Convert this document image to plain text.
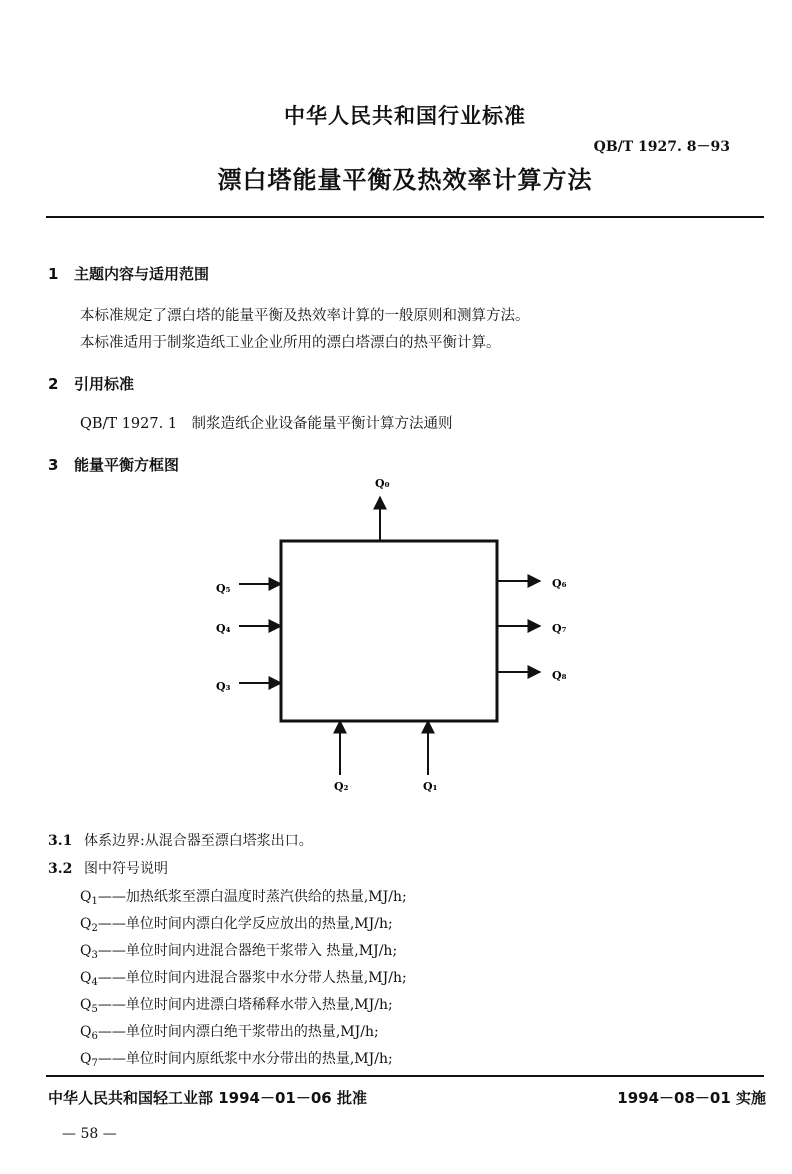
中华人民共和国行业标准
QB/T 1927. 8－93
漂白塔能量平衡及热效率计算方法
1 主题内容与适用范围
本标准规定了漂白塔的能量平衡及热效率计算的一般原则和测算方法。
本标准适用于制浆造纸工业企业所用的漂白塔漂白的热平衡计算。
2 引用标准
QB/T 1927. 1　制浆造纸企业设备能量平衡计算方法通则
3 能量平衡方框图
Q₀
Q₅
Q₄
Q₃
Q₆
Q₇
Q₈
Q₂	Q₁
3.1 体系边界:从混合器至漂白塔浆出口。
3.2 图中符号说明
$Q_1——$加热纸浆至漂白温度时蒸汽供给的热量,MJ/h;
$Q_2——$单位时间内漂白化学反应放出的热量,MJ/h;
$Q_3——$单位时间内进混合器绝干浆带入 热量,MJ/h;
$Q_4——$单位时间内进混合器浆中水分带人热量,MJ/h;
$Q_5——$单位时间内进漂白塔稀释水带入热量,MJ/h;
$Q_6——$单位时间内漂白绝干浆带出的热量,MJ/h;
$Q_7——$单位时间内原纸浆中水分带出的热量,MJ/h;
中华人民共和国轻工业部 1994－01－06 批准	1994－08－01 实施
— 58 —
